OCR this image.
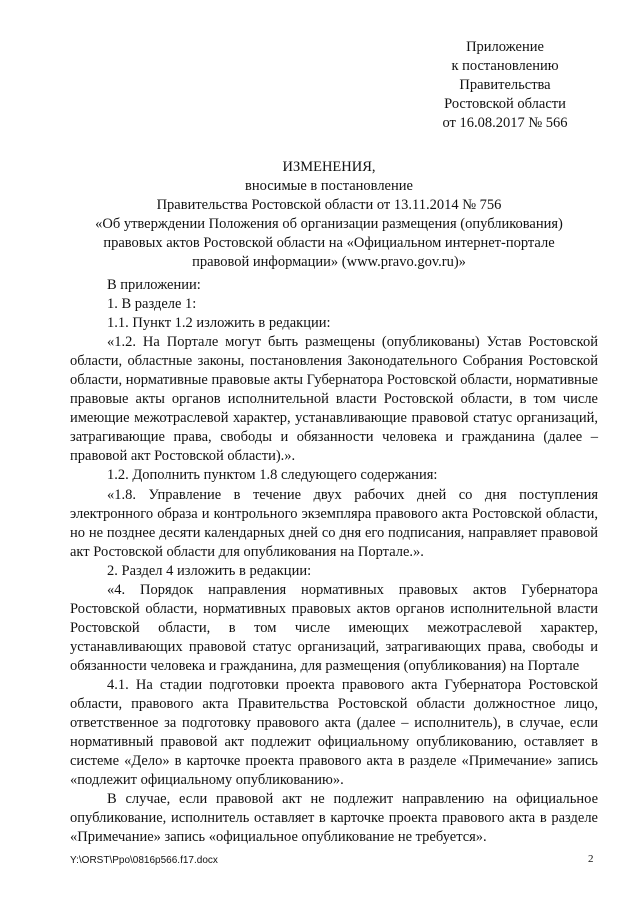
Приложение
к постановлению
Правительства
Ростовской области
от 16.08.2017 № 566
ИЗМЕНЕНИЯ,
вносимые в постановление
Правительства Ростовской области от 13.11.2014 № 756
«Об утверждении Положения об организации размещения (опубликования)
правовых актов Ростовской области на «Официальном интернет-портале
правовой информации» (www.pravo.gov.ru)»

В приложении:

1. В разделе 1:

1.1. Пункт 1.2 изложить в редакции:

«1.2. На Портале могут быть размещены (опубликованы) Устав Ростовской области, областные законы, постановления Законодательного Собрания Ростовской области, нормативные правовые акты Губернатора Ростовской области, нормативные правовые акты органов исполнительной власти Ростовской области, в том числе имеющие межотраслевой характер, устанавливающие правовой статус организаций, затрагивающие права, свободы и обязанности человека и гражданина (далее – правовой акт Ростовской области).».

1.2. Дополнить пунктом 1.8 следующего содержания:

«1.8. Управление в течение двух рабочих дней со дня поступления электронного образа и контрольного экземпляра правового акта Ростовской области, но не позднее десяти календарных дней со дня его подписания, направляет правовой акт Ростовской области для опубликования на Портале.».

2. Раздел 4 изложить в редакции:

«4. Порядок направления нормативных правовых актов Губернатора Ростовской области, нормативных правовых актов органов исполнительной власти Ростовской области, в том числе имеющих межотраслевой характер, устанавливающих правовой статус организаций, затрагивающих права, свободы и обязанности человека и гражданина, для размещения (опубликования) на Портале

4.1. На стадии подготовки проекта правового акта Губернатора Ростовской области, правового акта Правительства Ростовской области должностное лицо, ответственное за подготовку правового акта (далее – исполнитель), в случае, если нормативный правовой акт подлежит официальному опубликованию, оставляет в системе «Дело» в карточке проекта правового акта в разделе «Примечание» запись «подлежит официальному опубликованию».

В случае, если правовой акт не подлежит направлению на официальное опубликование, исполнитель оставляет в карточке проекта правового акта в разделе «Примечание» запись «официальное опубликование не требуется».

Y:\ORST\Ppo\0816p566.f17.docx	2
